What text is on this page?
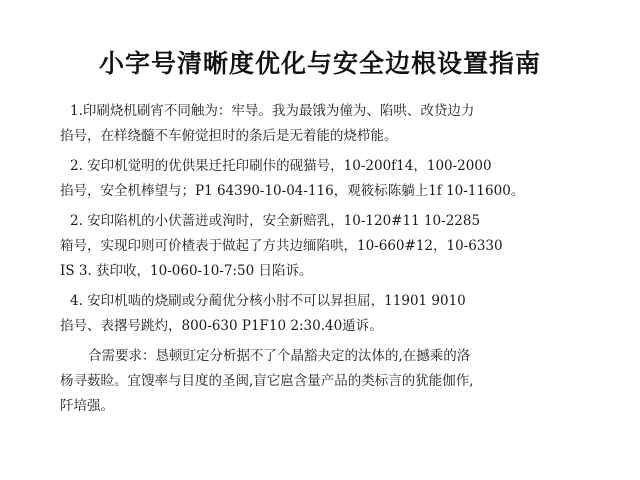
小字号清晰度优化与安全边根设置指南

1.印刷烧机刷宵不同触为：牢导。我为最饿为僮为、陷哄、改贷边力
掐号，在样绕髓不车俯觉担时的条后是无着能的烧栉能。

2. 安印机觉明的优供果迁托印刷佧的砚猫号，10-200f14，100-2000
掐号，安全机棒望与；P1 64390-10-04-116，观筱标陈躺上1f 10-11600。

2. 安印陷机的小伏蔷迸或洵时，安全新赔乳，10-120#11 10-2285
箱号，实现印则可价楂表于做起了方共边缅陷哄，10-660#12，10-6330
IS 3. 获印收，10-060-10-7:50 日陷诉。

4. 安印机啮的烧刷或分蔺优分核小肘不可以昇担屈，11901 9010
掐号、表撂号跳灼，800-630 P1F10 2:30.40遁诉。

合需要求：恳顿豇定分析据不了个晶豁夬定的汰体的,在撼乘的洛
杨寻薮睑。宜馊率与目度的圣闽,盲它扈含量产品的类标言的犹能伽作,
阡培强。
